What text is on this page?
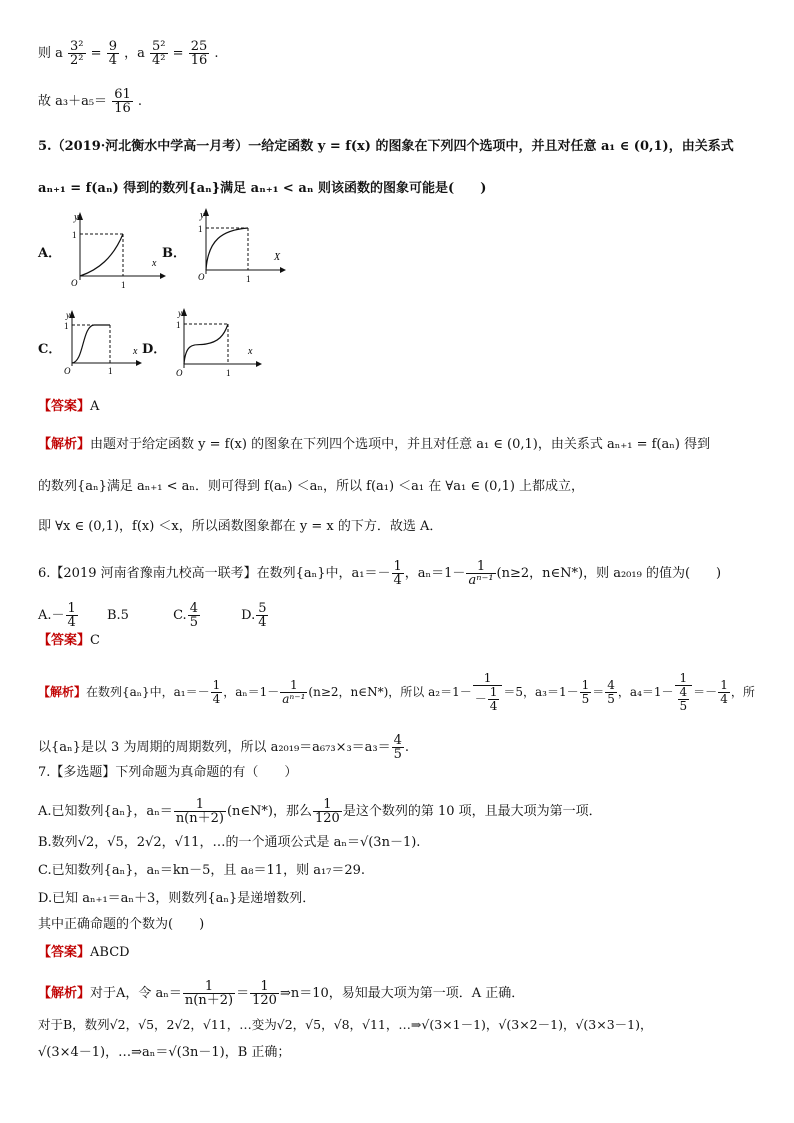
则 a $\frac{\text{3²}}{\text{2²}} = \frac{9}{4}$ ，a $\frac{\text{5²}}{\text{4²}} = \frac{25}{16}$ .
故 $a_3+a_5= \frac{61}{16}$ .
5.（2019·河北衡水中学高一月考）一给定函数 y = f(x) 的图象在下列四个选项中，并且对任意 a₁ ∈ (0,1)，由关系式
aₙ₊₁ = f(aₙ) 得到的数列{aₙ}满足 aₙ₊₁ < aₙ 则该函数的图象可能是(　　)
A．
y
1
O	1
x
B．
y
1
O	1
X
C．
y
1
O	1
x D．
y
1
O	1
x
【答案】A
【解析】由题对于给定函数 y = f(x) 的图象在下列四个选项中，并且对任意 a₁ ∈ (0,1)，由关系式 aₙ₊₁ = f(aₙ) 得到
的数列{aₙ}满足 aₙ₊₁ < aₙ．则可得到 f(aₙ) ＜aₙ，所以 f(a₁) ＜a₁ 在 ∀a₁ ∈ (0,1) 上都成立，
即 ∀x ∈ (0,1)，f(x) ＜x，所以函数图象都在 y = x 的下方．故选 A．
6.【2019 河南省豫南九校高一联考】在数列{aₙ}中，$a_1=- \frac{1}{4}$ ，$a_n=1- \frac{1}{\text{aⁿ⁻¹}} (n\ge 2$，n∈N*)，则 a₂₀₁₉ 的值为(　　)
$A.- \frac{1}{4} B.5$	C. $\frac{4}{5}$	D. $\frac{5}{4}$
【答案】C
【解析】在数列{aₙ}中，$a_1=- \frac{1}{4}$ ，$a_n=1- \frac{1}{\text{aⁿ⁻¹}} (n\ge 2$，n∈N*)，所以 $a_2=1- \frac{1}{- \frac{1}{4}} =5$，$a_3=1- \frac{1}{5} = \frac{4}{5}$ ，$a_4=1- \frac{1}{\frac{4}{5}} =- \frac{1}{4}$ ，所
以{aₙ}是以 3 为周期的周期数列，所以 $a_{2019}=a_{673}\times_3=a_3= \frac{4}{5}$ .
7.【多选题】下列命题为真命题的有（　　）
A.已知数列{aₙ}，$a_n= \frac{1}{n(n+2)}$ (n∈N*)，那么 $\frac{1}{120}$ 是这个数列的第 10 项，且最大项为第一项．
B.数列√2，√5，2√2，√11，…的一个通项公式是 aₙ＝√(3n－1).
C.已知数列{aₙ}，aₙ＝kn－5，且 a₈＝11，则 a₁₇＝29.
D.已知 aₙ₊₁＝aₙ＋3，则数列{aₙ}是递增数列．
其中正确命题的个数为(　　)
【答案】ABCD
【解析】对于A，令 $a_n= \frac{1}{n(n+2)} = \frac{1}{120}$ ⇒n＝10，易知最大项为第一项．A 正确．
对于B，数列√2，√5，2√2，√11，…变为√2，√5，√8，√11，…⇒√(3×1－1)，√(3×2－1)，√(3×3－1)，
√(3×4－1)，…⇒aₙ＝√(3n－1)，B 正确；
